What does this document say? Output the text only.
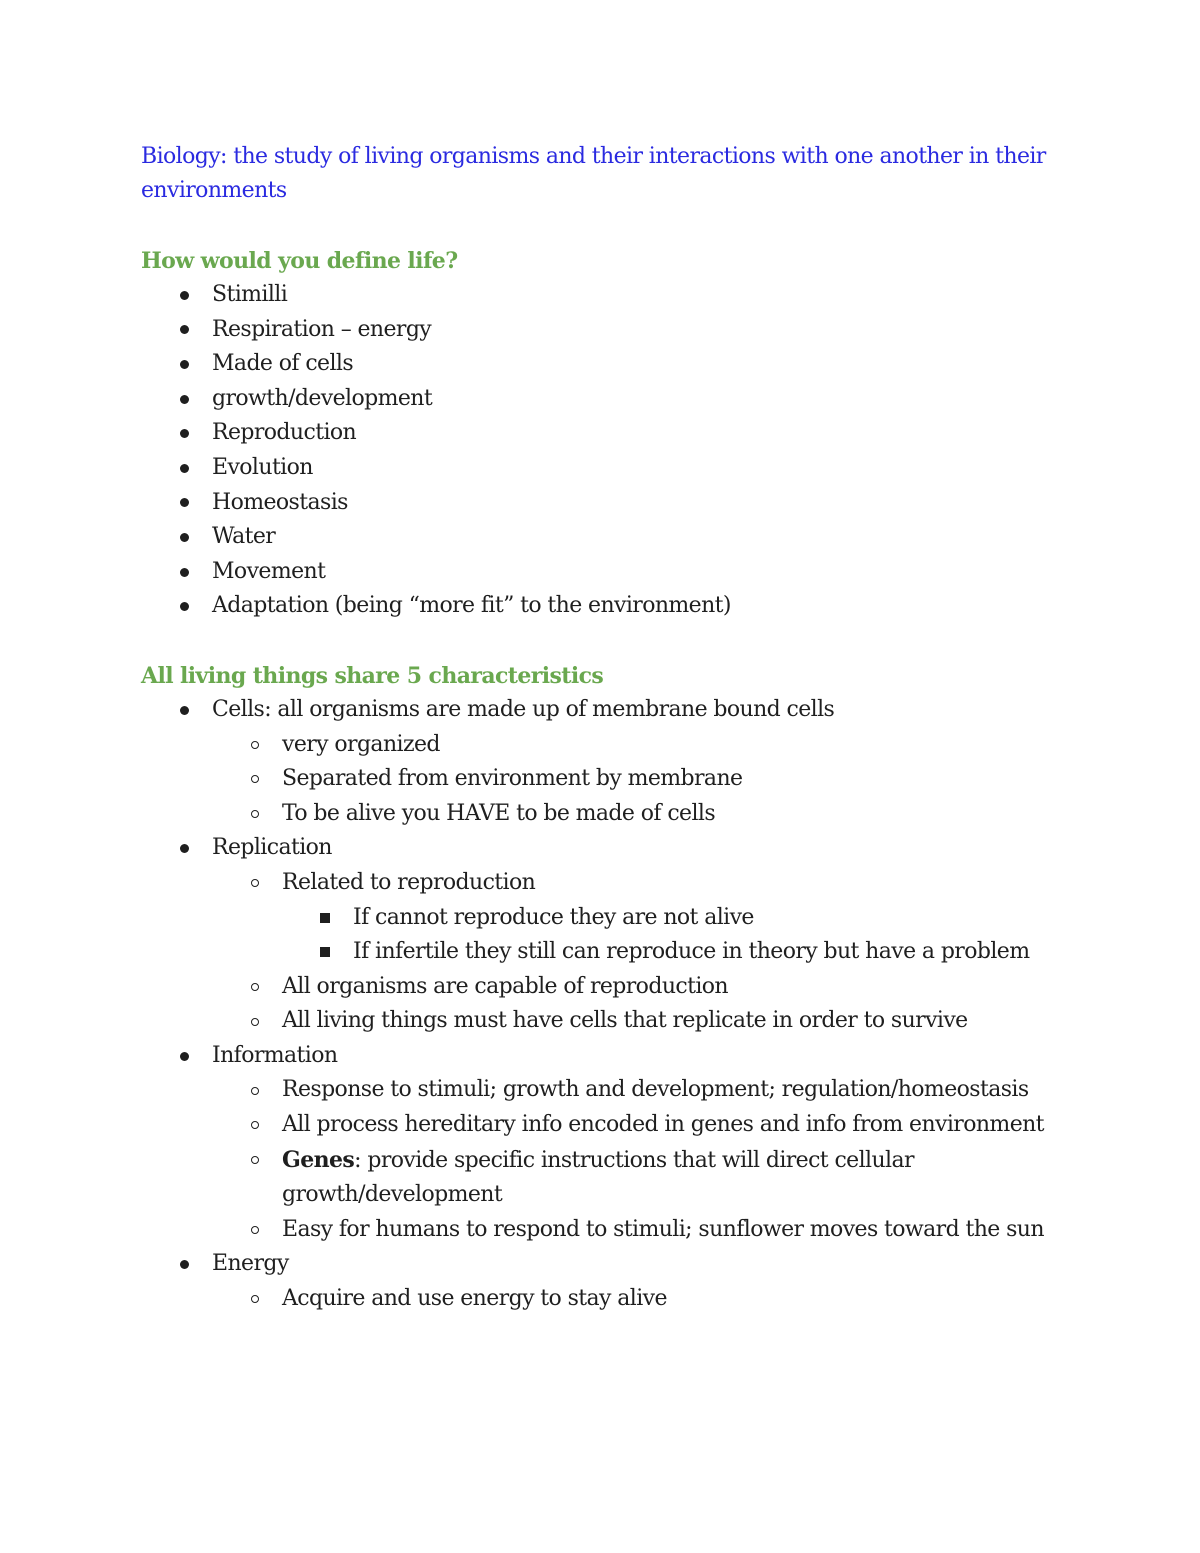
Biology: the study of living organisms and their interactions with one another in their environments

How would you define life?

Stimilli
Respiration – energy
Made of cells
growth/development
Reproduction
Evolution
Homeostasis
Water
Movement
Adaptation (being “more fit” to the environment)

All living things share 5 characteristics

Cells: all organisms are made up of membrane bound cells
very organized
Separated from environment by membrane
To be alive you HAVE to be made of cells
Replication
Related to reproduction
If cannot reproduce they are not alive
If infertile they still can reproduce in theory but have a problem
All organisms are capable of reproduction
All living things must have cells that replicate in order to survive
Information
Response to stimuli; growth and development; regulation/homeostasis
All process hereditary info encoded in genes and info from environment
Genes: provide specific instructions that will direct cellular growth/development
Easy for humans to respond to stimuli; sunflower moves toward the sun
Energy
Acquire and use energy to stay alive
